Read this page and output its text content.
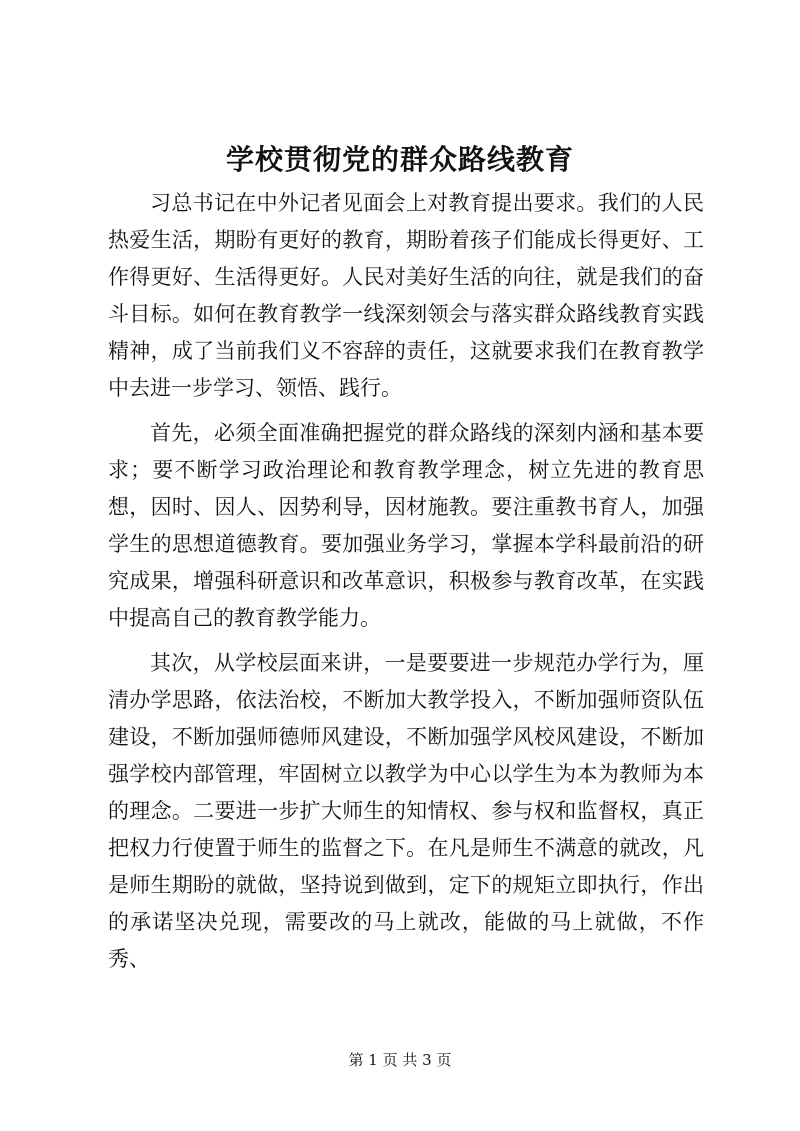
学校贯彻党的群众路线教育

习总书记在中外记者见面会上对教育提出要求。我们的人民热爱生活，期盼有更好的教育，期盼着孩子们能成长得更好、工作得更好、生活得更好。人民对美好生活的向往，就是我们的奋斗目标。如何在教育教学一线深刻领会与落实群众路线教育实践精神，成了当前我们义不容辞的责任，这就要求我们在教育教学中去进一步学习、领悟、践行。

首先，必须全面准确把握党的群众路线的深刻内涵和基本要求；要不断学习政治理论和教育教学理念，树立先进的教育思想，因时、因人、因势利导，因材施教。要注重教书育人，加强学生的思想道德教育。要加强业务学习，掌握本学科最前沿的研究成果，增强科研意识和改革意识，积极参与教育改革，在实践中提高自己的教育教学能力。

其次，从学校层面来讲，一是要要进一步规范办学行为，厘清办学思路，依法治校，不断加大教学投入，不断加强师资队伍建设，不断加强师德师风建设，不断加强学风校风建设，不断加强学校内部管理，牢固树立以教学为中心以学生为本为教师为本的理念。二要进一步扩大师生的知情权、参与权和监督权，真正把权力行使置于师生的监督之下。在凡是师生不满意的就改，凡是师生期盼的就做，坚持说到做到，定下的规矩立即执行，作出的承诺坚决兑现，需要改的马上就改，能做的马上就做，不作秀、

第 1 页 共 3 页
